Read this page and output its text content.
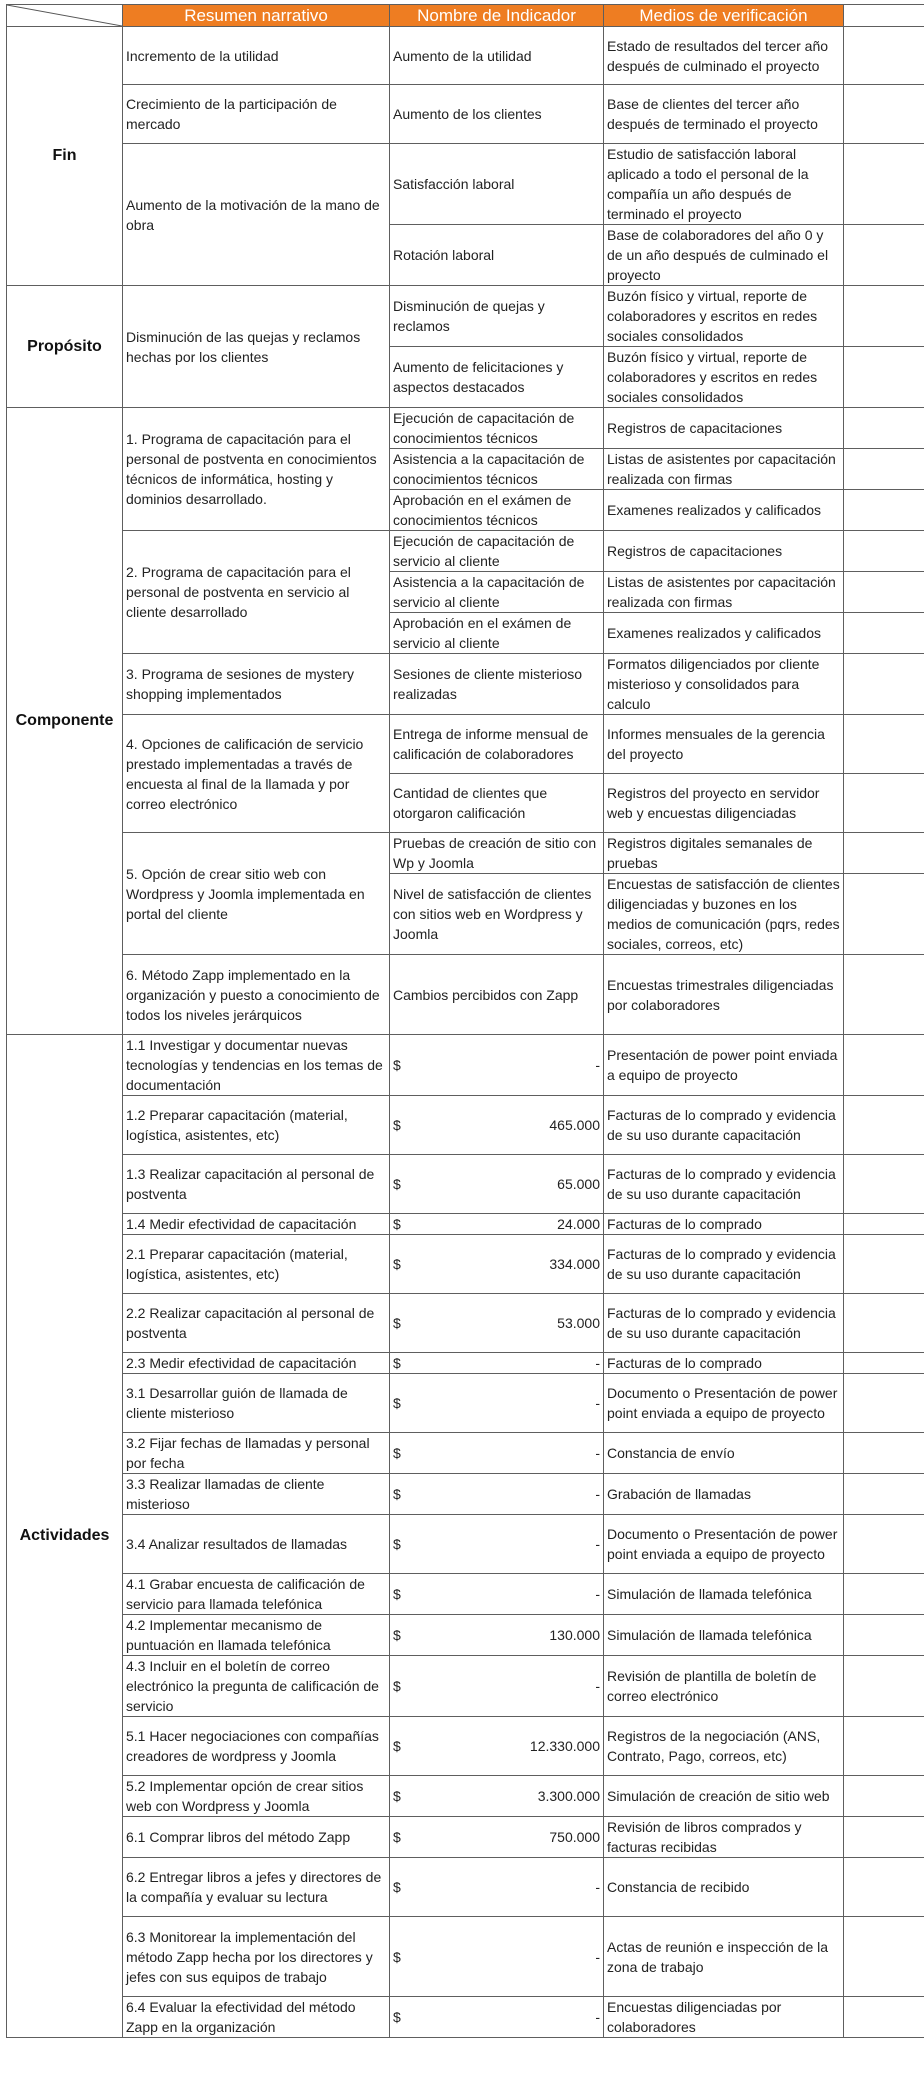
	Resumen narrativo	Nombre de Indicador	Medios de verificación	
Fin	Incremento de la utilidad	Aumento de la utilidad	Estado de resultados del tercer año después de culminado el proyecto	
	Crecimiento de la participación de mercado	Aumento de los clientes	Base de clientes del tercer año después de terminado el proyecto	
	Aumento de la motivación de la mano de obra	Satisfacción laboral	Estudio de satisfacción laboral aplicado a todo el personal de la compañía un año después de terminado el proyecto	
		Rotación laboral	Base de colaboradores del año 0 y de un año después de culminado el proyecto	
Propósito	Disminución de las quejas y reclamos hechas por los clientes	Disminución de quejas y reclamos	Buzón físico y virtual, reporte de colaboradores y escritos en redes sociales consolidados	
		Aumento de felicitaciones y aspectos destacados	Buzón físico y virtual, reporte de colaboradores y escritos en redes sociales consolidados	
Componente	1. Programa de capacitación para el personal de postventa en conocimientos técnicos de informática, hosting y dominios desarrollado.	Ejecución de capacitación de conocimientos técnicos	Registros de capacitaciones	
		Asistencia a la capacitación de conocimientos técnicos	Listas de asistentes por capacitación realizada con firmas	
		Aprobación en el exámen de conocimientos técnicos	Examenes realizados y calificados	
	2. Programa de capacitación para el personal de postventa en servicio al cliente desarrollado	Ejecución de capacitación de servicio al cliente	Registros de capacitaciones	
		Asistencia a la capacitación de servicio al cliente	Listas de asistentes por capacitación realizada con firmas	
		Aprobación en el exámen de servicio al cliente	Examenes realizados y calificados	
	3. Programa de sesiones de mystery shopping implementados	Sesiones de cliente misterioso realizadas	Formatos diligenciados por cliente misterioso y consolidados para calculo	
	4. Opciones de calificación de servicio prestado implementadas a través de encuesta al final de la llamada y por correo electrónico	Entrega de informe mensual de calificación de colaboradores	Informes mensuales de la gerencia del proyecto	
		Cantidad de clientes que otorgaron calificación	Registros del proyecto en servidor web y encuestas diligenciadas	
	5. Opción de crear sitio web con Wordpress y Joomla implementada en portal del cliente	Pruebas de creación de sitio con Wp y Joomla	Registros digitales semanales de pruebas	
		Nivel de satisfacción de clientes con sitios web en Wordpress y Joomla	Encuestas de satisfacción de clientes diligenciadas y buzones en los medios de comunicación (pqrs, redes sociales, correos, etc)	
	6. Método Zapp implementado en la organización y puesto a conocimiento de todos los niveles jerárquicos	Cambios percibidos con Zapp	Encuestas trimestrales diligenciadas por colaboradores	
Actividades	1.1 Investigar y documentar nuevas tecnologías y tendencias en los temas de documentación	$ -	Presentación de power point enviada a equipo de proyecto	
	1.2 Preparar capacitación (material, logística, asistentes, etc)	$ 465.000	Facturas de lo comprado y evidencia de su uso durante capacitación	
	1.3 Realizar capacitación al personal de postventa	$ 65.000	Facturas de lo comprado y evidencia de su uso durante capacitación	
	1.4 Medir efectividad de capacitación	$ 24.000	Facturas de lo comprado	
	2.1 Preparar capacitación (material, logística, asistentes, etc)	$ 334.000	Facturas de lo comprado y evidencia de su uso durante capacitación	
	2.2 Realizar capacitación al personal de postventa	$ 53.000	Facturas de lo comprado y evidencia de su uso durante capacitación	
	2.3 Medir efectividad de capacitación	$ -	Facturas de lo comprado	
	3.1 Desarrollar guión de llamada de cliente misterioso	$ -	Documento o Presentación de power point enviada a equipo de proyecto	
	3.2 Fijar fechas de llamadas y personal por fecha	$ -	Constancia de envío	
	3.3 Realizar llamadas de cliente misterioso	$ -	Grabación de llamadas	
	3.4 Analizar resultados de llamadas	$ -	Documento o Presentación de power point enviada a equipo de proyecto	
	4.1 Grabar encuesta de calificación de servicio para llamada telefónica	$ -	Simulación de llamada telefónica	
	4.2 Implementar mecanismo de puntuación en llamada telefónica	$ 130.000	Simulación de llamada telefónica	
	4.3 Incluir en el boletín de correo electrónico la pregunta de calificación de servicio	$ -	Revisión de plantilla de boletín de correo electrónico	
	5.1 Hacer negociaciones con compañías creadores de wordpress y Joomla	$ 12.330.000	Registros de la negociación (ANS, Contrato, Pago, correos, etc)	
	5.2 Implementar opción de crear sitios web con Wordpress y Joomla	$ 3.300.000	Simulación de creación de sitio web	
	6.1 Comprar libros del método Zapp	$ 750.000	Revisión de libros comprados y facturas recibidas	
	6.2 Entregar libros a jefes y directores de la compañía y evaluar su lectura	$ -	Constancia de recibido	
	6.3 Monitorear la implementación del método Zapp hecha por los directores y jefes con sus equipos de trabajo	$ -	Actas de reunión e inspección de la zona de trabajo	
	6.4 Evaluar la efectividad del método Zapp en la organización	$ -	Encuestas diligenciadas por colaboradores	
